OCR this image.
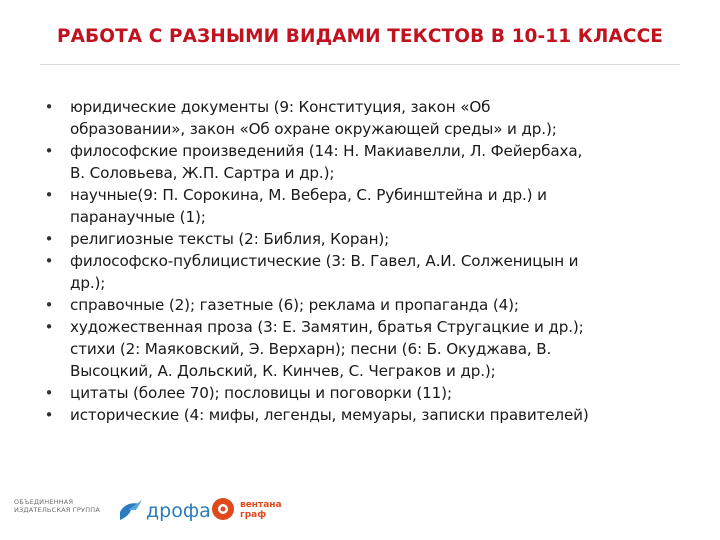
РАБОТА С РАЗНЫМИ ВИДАМИ ТЕКСТОВ В 10-11 КЛАССЕ
• юридические документы (9: Конституция, закон «Об
образовании», закон «Об охране окружающей среды» и др.);
• философские произведенийя (14: Н. Макиавелли, Л. Фейербаха,
В. Соловьева, Ж.П. Сартра и др.);
• научные(9: П. Сорокина, М. Вебера, С. Рубинштейна и др.) и
паранаучные (1);
• религиозные тексты (2: Библия, Коран);
• философско-публицистические (3: В. Гавел, А.И. Солженицын и
др.);
• справочные (2); газетные (6); реклама и пропаганда (4);
• художественная проза (3: Е. Замятин, братья Стругацкие и др.);
стихи (2: Маяковский, Э. Верхарн); песни (6: Б. Окуджава, В.
Высоцкий, А. Дольский, К. Кинчев, С. Чеграков и др.);
• цитаты (более 70); пословицы и поговорки (11);
• исторические (4: мифы, легенды, мемуары, записки правителей)
ОБЪЕДИНЕННАЯ
ИЗДАТЕЛЬСКАЯ ГРУППА	дрофа	вентана
граф
